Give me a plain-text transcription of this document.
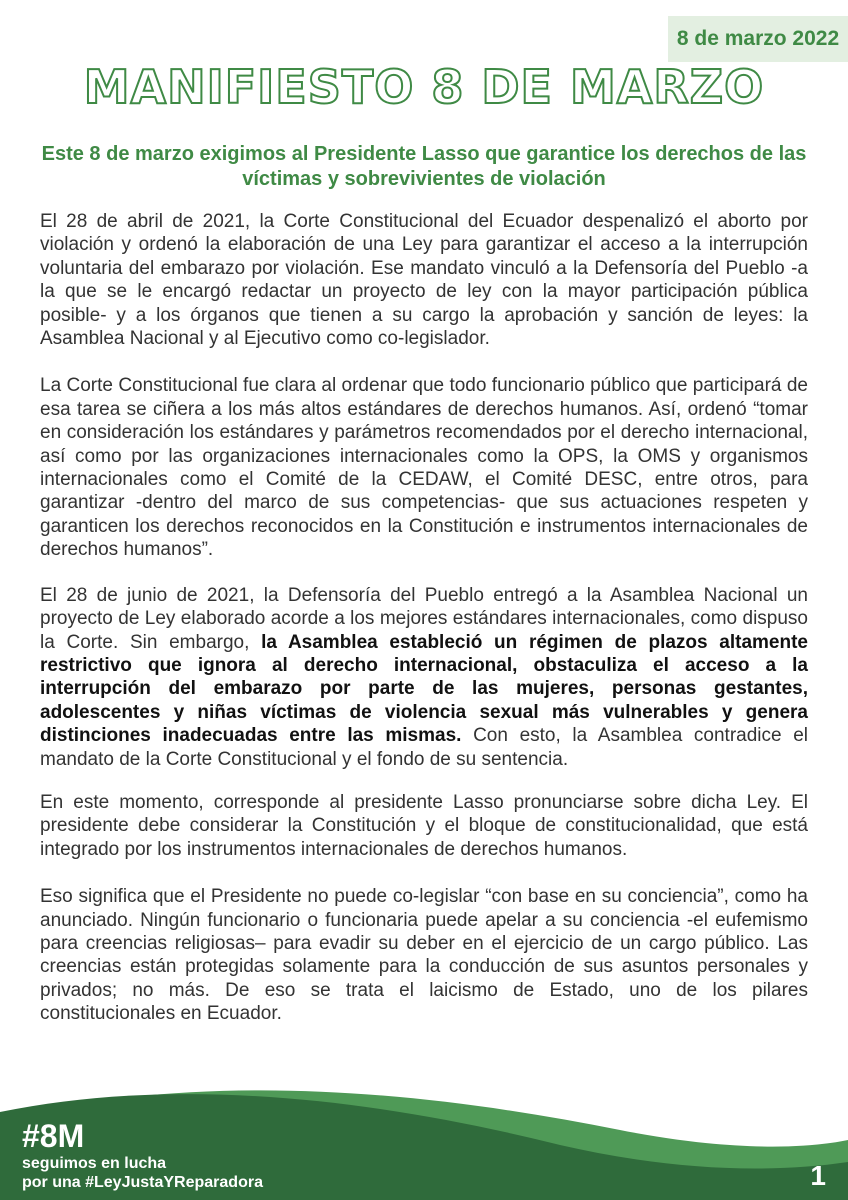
8 de marzo 2022
MANIFIESTO 8 DE MARZO
Este 8 de marzo exigimos al Presidente Lasso que garantice los derechos de las
víctimas y sobrevivientes de violación

El 28 de abril de 2021, la Corte Constitucional del Ecuador despenalizó el aborto por violación y ordenó la elaboración de una Ley para garantizar el acceso a la interrupción voluntaria del embarazo por violación. Ese mandato vinculó a la Defensoría del Pueblo -a la que se le encargó redactar un proyecto de ley con la mayor participación pública posible- y a los órganos que tienen a su cargo la aprobación y sanción de leyes: la Asamblea Nacional y al Ejecutivo como co-legislador.

La Corte Constitucional fue clara al ordenar que todo funcionario público que participará de esa tarea se ciñera a los más altos estándares de derechos humanos. Así, ordenó “tomar en consideración los estándares y parámetros recomendados por el derecho internacional, así como por las organizaciones internacionales como la OPS, la OMS y organismos internacionales como el Comité de la CEDAW, el Comité DESC, entre otros, para garantizar -dentro del marco de sus competencias- que sus actuaciones respeten y garanticen los derechos reconocidos en la Constitución e instrumentos internacionales de derechos humanos”.

El 28 de junio de 2021, la Defensoría del Pueblo entregó a la Asamblea Nacional un proyecto de Ley elaborado acorde a los mejores estándares internacionales, como dispuso la Corte. Sin embargo, la Asamblea estableció un régimen de plazos altamente restrictivo que ignora al derecho internacional, obstaculiza el acceso a la interrupción del embarazo por parte de las mujeres, personas gestantes, adolescentes y niñas víctimas de violencia sexual más vulnerables y genera distinciones inadecuadas entre las mismas. Con esto, la Asamblea contradice el mandato de la Corte Constitucional y el fondo de su sentencia.

En este momento, corresponde al presidente Lasso pronunciarse sobre dicha Ley. El presidente debe considerar la Constitución y el bloque de constitucionalidad, que está integrado por los instrumentos internacionales de derechos humanos.

Eso significa que el Presidente no puede co-legislar “con base en su conciencia”, como ha anunciado. Ningún funcionario o funcionaria puede apelar a su conciencia -el eufemismo para creencias religiosas– para evadir su deber en el ejercicio de un cargo público. Las creencias están protegidas solamente para la conducción de sus asuntos personales y privados; no más. De eso se trata el laicismo de Estado, uno de los pilares constitucionales en Ecuador.

#8M
seguimos en lucha
por una #LeyJustaYReparadora	1
